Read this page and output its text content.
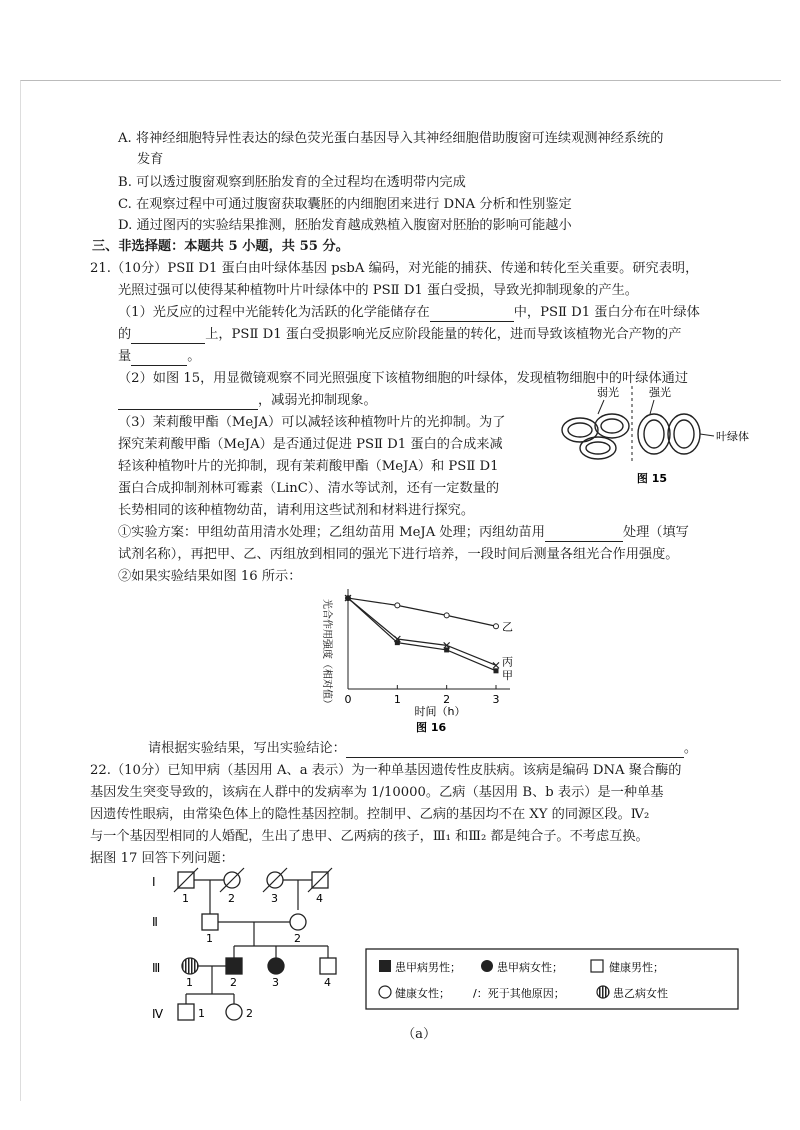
A. 将神经细胞特异性表达的绿色荧光蛋白基因导入其神经细胞借助腹窗可连续观测神经系统的
发育
B. 可以透过腹窗观察到胚胎发育的全过程均在透明带内完成
C. 在观察过程中可通过腹窗获取囊胚的内细胞团来进行 DNA 分析和性别鉴定
D. 通过图丙的实验结果推测，胚胎发育越成熟植入腹窗对胚胎的影响可能越小
三、非选择题：本题共 5 小题，共 55 分。
21.（10分）PSⅡ D1 蛋白由叶绿体基因 psbA 编码，对光能的捕获、传递和转化至关重要。研究表明，
光照过强可以使得某种植物叶片叶绿体中的 PSⅡ D1 蛋白受损，导致光抑制现象的产生。
（1）光反应的过程中光能转化为活跃的化学能储存在	中，PSⅡ D1 蛋白分布在叶绿体
的	上，PSⅡ D1 蛋白受损影响光反应阶段能量的转化，进而导致该植物光合产物的产
量	。
（2）如图 15，用显微镜观察不同光照强度下该植物细胞的叶绿体，发现植物细胞中的叶绿体通过
，减弱光抑制现象。
（3）茉莉酸甲酯（MeJA）可以减轻该种植物叶片的光抑制。为了
探究茉莉酸甲酯（MeJA）是否通过促进 PSⅡ D1 蛋白的合成来减
轻该种植物叶片的光抑制，现有茉莉酸甲酯（MeJA）和 PSⅡ D1
蛋白合成抑制剂林可霉素（LinC）、清水等试剂，还有一定数量的
长势相同的该种植物幼苗，请利用这些试剂和材料进行探究。
弱光	强光
叶绿体
图 15
①实验方案：甲组幼苗用清水处理；乙组幼苗用 MeJA 处理；丙组幼苗用	处理（填写
试剂名称），再把甲、乙、丙组放到相同的强光下进行培养，一段时间后测量各组光合作用强度。
②如果实验结果如图 16 所示：
光合作用强度（相对值） 0	1	2	3
乙
丙
甲
时间（h）
图 16
请根据实验结果，写出实验结论：	。
22.（10分）已知甲病（基因用 A、a 表示）为一种单基因遗传性皮肤病。该病是编码 DNA 聚合酶的
基因发生突变导致的，该病在人群中的发病率为 1/10000。乙病（基因用 B、b 表示）是一种单基
因遗传性眼病，由常染色体上的隐性基因控制。控制甲、乙病的基因均不在 XY 的同源区段。Ⅳ₂
与一个基因型相同的人婚配，生出了患甲、乙两病的孩子，Ⅲ₁ 和Ⅲ₂ 都是纯合子。不考虑互换。
据图 17 回答下列问题：
Ⅰ
Ⅱ
Ⅲ
Ⅳ
1	2	3	4
1	2
1	2	3	4
1	2
患甲病男性；	患甲病女性；	健康男性；
健康女性； /：死于其他原因；	患乙病女性
（a）
